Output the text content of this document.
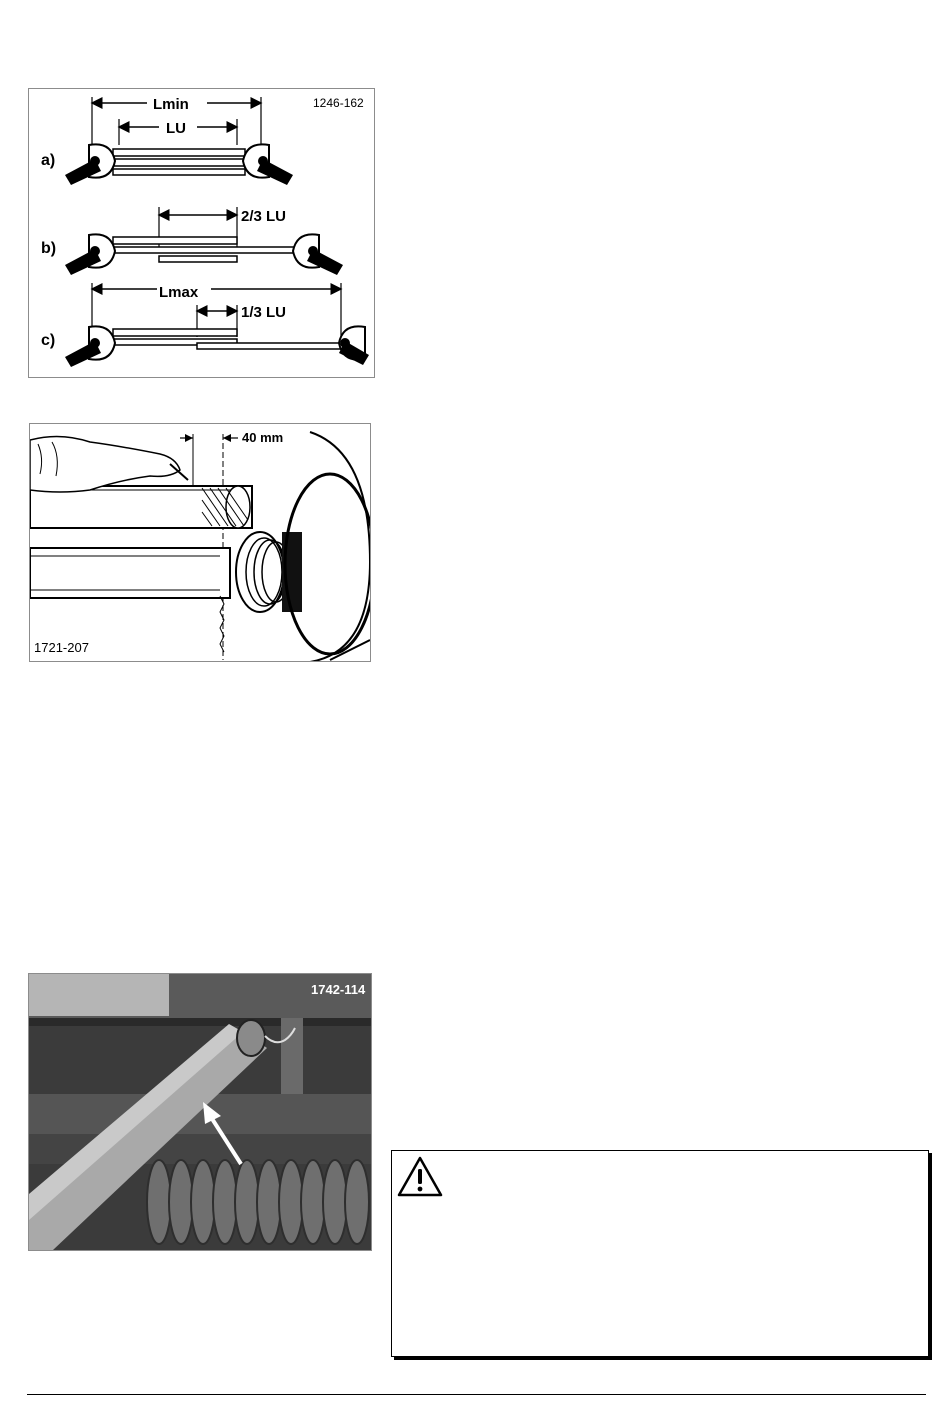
1246-162
Lmin
LU
a)
2/3 LU
b)
Lmax
1/3 LU
c)
40 mm
1721-207
1742-114
